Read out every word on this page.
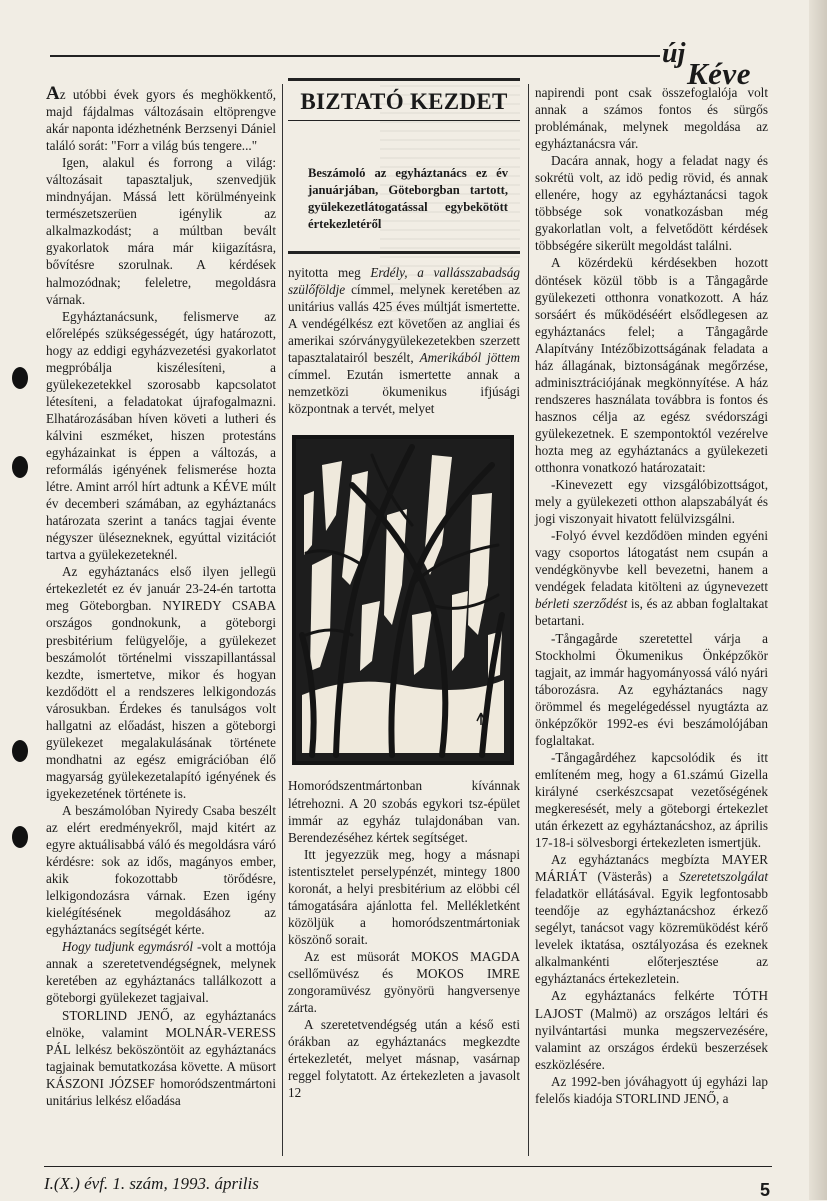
új
Kéve

Az utóbbi évek gyors és meghökkentő, majd fájdalmas változásain eltöprengve akár naponta idézhetnénk Berzsenyi Dániel találó sorát: "Forr a világ bús tengere..."

Igen, alakul és forrong a világ: változásait tapasztaljuk, szenvedjük mindnyájan. Mássá lett körülményeink természetszerüen igénylik az alkalmazkodást; a múltban bevált gyakorlatok mára már kiigazításra, bővítésre szorulnak. A kérdések halmozódnak; feleletre, megoldásra várnak.

Egyháztanácsunk, felismerve az előrelépés szükségességét, úgy határozott, hogy az eddigi egyházvezetési gyakorlatot megpróbálja kiszélesíteni, a gyülekezetekkel szorosabb kapcsolatot létesíteni, a feladatokat újrafogalmazni. Elhatározásában híven követi a lutheri és kálvini eszméket, hiszen protestáns egyházainkat is éppen a változás, a reformálás igényének felismerése hozta létre. Amint arról hírt adtunk a KÉVE múlt év decemberi számában, az egyháztanács határozata szerint a tanács tagjai évente négyszer ülésezneknek, egyúttal vizitációt tartva a gyülekezeteknél.

Az egyháztanács első ilyen jellegü értekezletét ez év január 23-24-én tartotta meg Göteborgban. NYIREDY CSABA országos gondnokunk, a göteborgi presbitérium felügyelője, a gyülekezet beszámolót történelmi visszapillantással kezdte, ismertetve, mikor és hogyan kezdődött el a rendszeres lelkigondozás városukban. Érdekes és tanulságos volt hallgatni az előadást, hiszen a göteborgi gyülekezet megalakulásának története mondhatni az egész emigrációban élő magyarság gyülekezetalapító igényének és igyekezetének története is.

A beszámolóban Nyiredy Csaba beszélt az elért eredményekről, majd kitért az egyre aktuálisabbá váló és megoldásra váró kérdésre: sok az idős, magányos ember, akik fokozottabb törődésre, lelkigondozásra várnak. Ezen igény kielégítésének megoldásához az egyháztanács segítségét kérte.

Hogy tudjunk egymásról -volt a mottója annak a szeretetvendégségnek, melynek keretében az egyháztanács tallálkozott a göteborgi gyülekezet tagjaival.

STORLIND JENŐ, az egyháztanács elnöke, valamint MOLNÁR-VERESS PÁL lelkész beköszöntöit az egyháztanács tagjainak bemutatkozása követte. A müsort KÁSZONI JÓZSEF homoródszentmártoni unitárius lelkész előadása

BIZTATÓ KEZDET
Beszámoló az egyháztanács ez év januárjában, Göteborgban tartott, gyülekezetlátogatással egybekötött értekezletéről

nyitotta meg Erdély, a vallásszabadság szülőföldje címmel, melynek keretében az unitárius vallás 425 éves múltját ismertette. A vendégélkész ezt követően az angliai és amerikai szórványgyülekezetekben szerzett tapasztalatairól beszélt, Amerikából jöttem címmel. Ezután ismertette annak a nemzetközi ökumenikus ifjúsági központnak a tervét, melyet

Homoródszentmártonban kívánnak létrehozni. A 20 szobás egykori tsz-épület immár az egyház tulajdonában van. Berendezéséhez kértek segítséget.

Itt jegyezzük meg, hogy a másnapi istentisztelet perselypénzét, mintegy 1800 koronát, a helyi presbitérium az elöbbi cél támogatására ajánlotta fel. Mellékletként közöljük a homoródszentmártoniak köszönő sorait.

Az est müsorát MOKOS MAGDA csellőmüvész és MOKOS IMRE zongoramüvész gyönyörü hangversenye zárta.

A szeretetvendégség után a késő esti órákban az egyháztanács megkezdte értekezletét, melyet másnap, vasárnap reggel folytatott. Az értekezleten a javasolt 12

napirendi pont csak összefoglalója volt annak a számos fontos és sürgős problémának, melynek megoldása az egyháztanácsra vár.

Dacára annak, hogy a feladat nagy és sokrétü volt, az idö pedig rövid, és annak ellenére, hogy az egyháztanácsi tagok többsége sok vonatkozásban még gyakorlatlan volt, a felvetődött kérdések többségére sikerült megoldást találni.

A közérdekü kérdésekben hozott döntések közül több is a Tångagårde gyülekezeti otthonra vonatkozott. A ház sorsáért és működéséért elsődlegesen az egyháztanács felel; a Tångagårde Alapítvány Intézőbizottságának feladata a ház állagának, biztonságának megőrzése, adminisztrációjának megkönnyítése. A ház rendszeres használata továbbra is fontos és hasznos célja az egész svédországi gyülekezetnek. E szempontoktól vezérelve hozta meg az egyháztanács a gyülekezeti otthonra vonatkozó határozatait:

-Kinevezett egy vizsgálóbizottságot, mely a gyülekezeti otthon alapszabályát és jogi viszonyait hivatott felülvizsgálni.

-Folyó évvel kezdődöen minden egyéni vagy csoportos látogatást nem csupán a vendégkönyvbe kell bevezetni, hanem a vendégek feladata kitölteni az úgynevezett bérleti szerződést is, és az abban foglaltakat betartani.

-Tångagårde szeretettel várja a Stockholmi Ökumenikus Önképzőkör tagjait, az immár hagyományossá váló nyári táborozásra. Az egyháztanács nagy örömmel és megelégedéssel nyugtázta az önképzőkör 1992-es évi beszámolójában foglaltakat.

-Tångagårdéhez kapcsolódik és itt említeném meg, hogy a 61.számú Gizella királyné cserkészcsapat vezetőségének megkeresését, mely a göteborgi értekezlet után érkezett az egyháztanácshoz, az április 17-18-i sölvesborgi értekezleten ismertjük.

Az egyháztanács megbízta MAYER MÁRIÁT (Västerås) a Szeretetszolgálat feladatkör ellátásával. Egyik legfontosabb teendője az egyháztanácshoz érkező segélyt, tanácsot vagy közremüködést kérő levelek iktatása, osztályozása és ezeknek alkalmankénti előterjesztése az egyháztanács értekezletein.

Az egyháztanács felkérte TÓTH LAJOST (Malmö) az országos leltári és nyilvántartási munka megszervezésére, valamint az országos érdekü beszerzések eszközlésére.

Az 1992-ben jóváhagyott új egyházi lap felelős kiadója STORLIND JENŐ, a

I.(X.) évf. 1. szám, 1993. április	5
